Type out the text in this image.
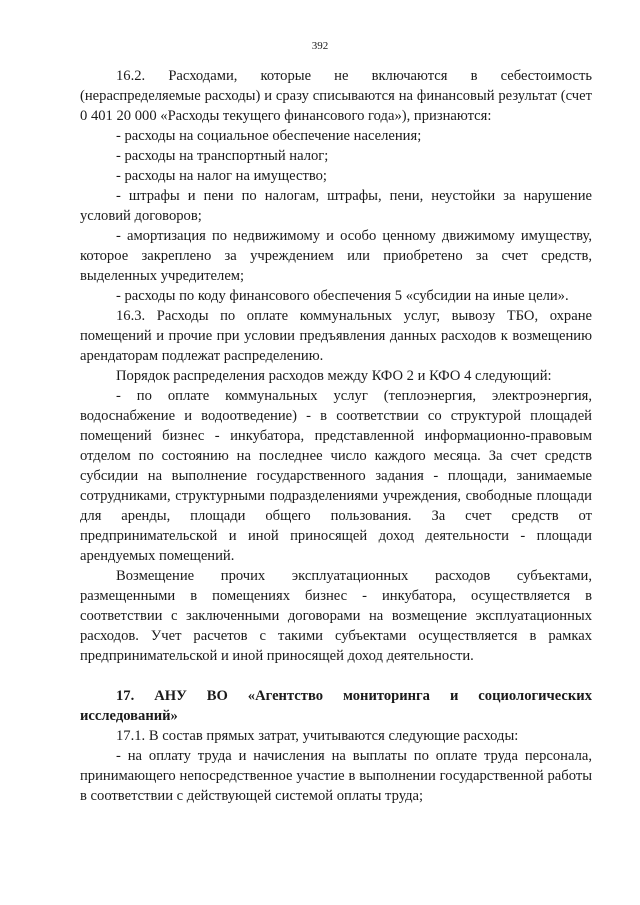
392

16.2. Расходами, которые не включаются в себестоимость (нераспределяемые расходы) и сразу списываются на финансовый результат (счет 0 401 20 000 «Расходы текущего финансового года»), признаются:

- расходы на социальное обеспечение населения;

- расходы на транспортный налог;

- расходы на налог на имущество;

- штрафы и пени по налогам, штрафы, пени, неустойки за нарушение условий договоров;

- амортизация по недвижимому и особо ценному движимому имуществу, которое закреплено за учреждением или приобретено за счет средств, выделенных учредителем;

- расходы по коду финансового обеспечения 5 «субсидии на иные цели».

16.3. Расходы по оплате коммунальных услуг, вывозу ТБО, охране помещений и прочие при условии предъявления данных расходов к возмещению арендаторам подлежат распределению.

Порядок распределения расходов между КФО 2 и КФО 4 следующий:

- по оплате коммунальных услуг (теплоэнергия, электроэнергия, водоснабжение и водоотведение) - в соответствии со структурой площадей помещений бизнес - инкубатора, представленной информационно-правовым отделом по состоянию на последнее число каждого месяца. За счет средств субсидии на выполнение государственного задания - площади, занимаемые сотрудниками, структурными подразделениями учреждения, свободные площади для аренды, площади общего пользования. За счет средств от предпринимательской и иной приносящей доход деятельности - площади арендуемых помещений.

Возмещение прочих эксплуатационных расходов субъектами, размещенными в помещениях бизнес - инкубатора, осуществляется в соответствии с заключенными договорами на возмещение эксплуатационных расходов. Учет расчетов с такими субъектами осуществляется в рамках предпринимательской и иной приносящей доход деятельности.

17. АНУ ВО «Агентство мониторинга и социологических исследований»

17.1. В состав прямых затрат, учитываются следующие расходы:

- на оплату труда и начисления на выплаты по оплате труда персонала, принимающего непосредственное участие в выполнении государственной работы в соответствии с действующей системой оплаты труда;
